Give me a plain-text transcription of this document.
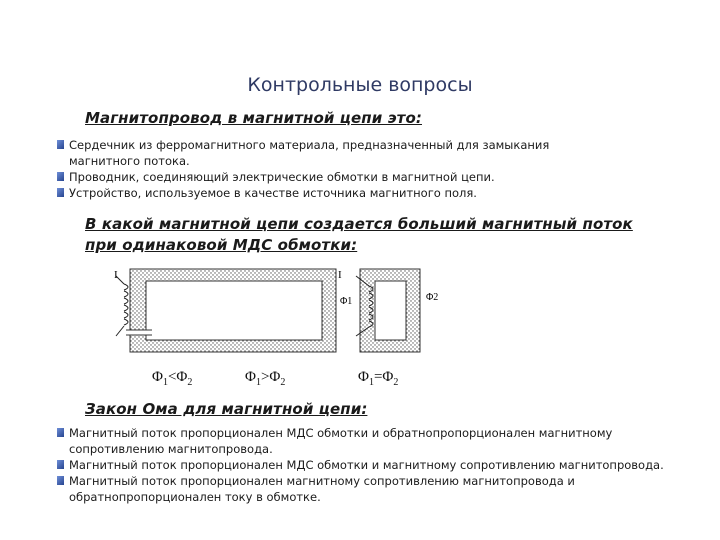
Контрольные вопросы
Магнитопровод в магнитной цепи это:
Сердечник из ферромагнитного материала, предназначенный для замыкания
магнитного потока.
Проводник, соединяющий электрические обмотки в магнитной цепи.
Устройство, используемое в качестве источника магнитного поля.
В какой магнитной цепи создается больший магнитный поток
при одинаковой МДС обмотки:
I
Φ1
I
Φ2
$\Phi_1<\Phi_2$	$\Phi_1>\Phi_2$	$\Phi_1=\Phi_2$
Закон Ома для магнитной цепи:
Магнитный поток пропорционален МДС обмотки и обратнопропорционален магнитному
сопротивлению магнитопровода.
Магнитный поток пропорционален МДС обмотки и магнитному сопротивлению магнитопровода.
Магнитный поток пропорционален магнитному сопротивлению магнитопровода и
обратнопропорционален току в обмотке.
